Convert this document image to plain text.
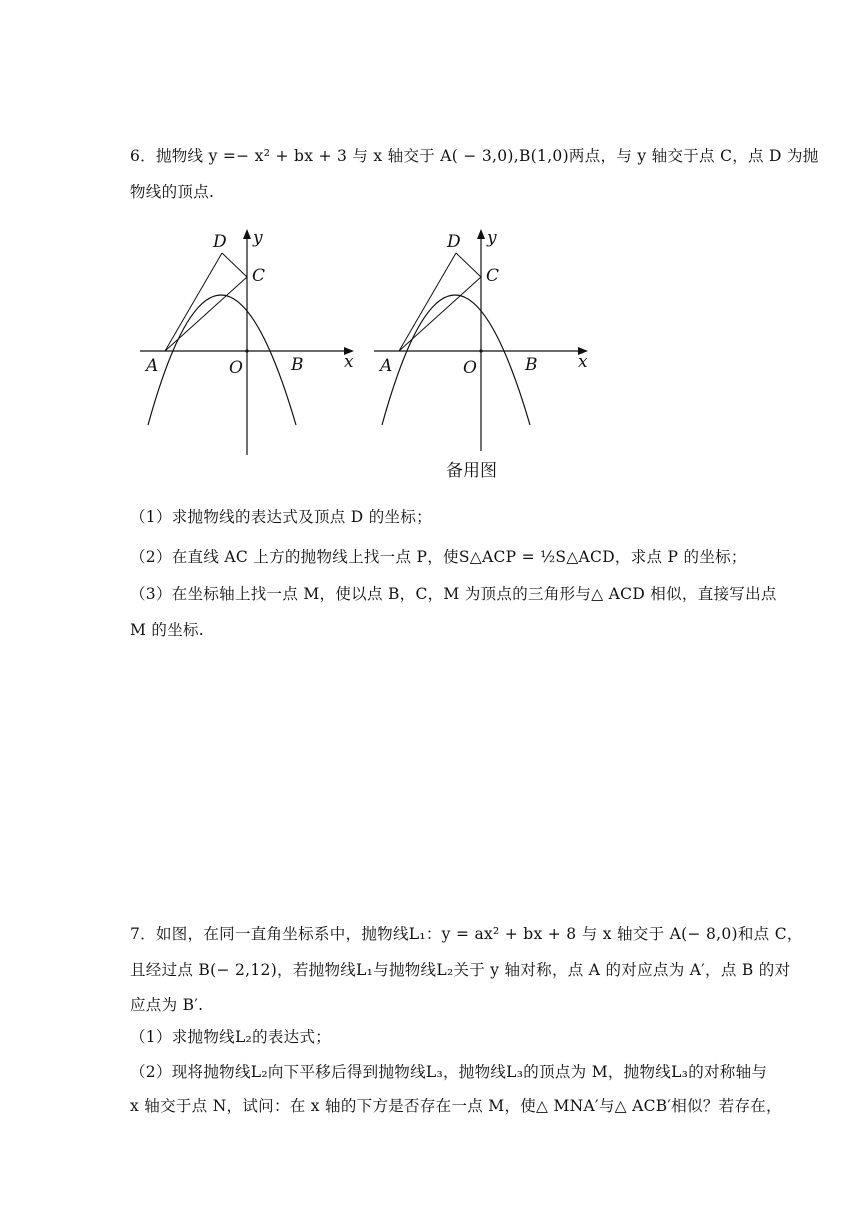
6．抛物线 y =− x² + bx + 3 与 x 轴交于 A( − 3,0),B(1,0)两点，与 y 轴交于点 C，点 D 为抛
物线的顶点.
A	O	B x
y
D
C
A	O	B x
y
D
C
备用图
（1）求抛物线的表达式及顶点 D 的坐标；
（2）在直线 AC 上方的抛物线上找一点 P，使S△ACP = ½S△ACD，求点 P 的坐标；
（3）在坐标轴上找一点 M，使以点 B，C，M 为顶点的三角形与△ ACD 相似，直接写出点
M 的坐标.
7．如图，在同一直角坐标系中，抛物线L₁：y = ax² + bx + 8 与 x 轴交于 A(− 8,0)和点 C，
且经过点 B(− 2,12)，若抛物线L₁与抛物线L₂关于 y 轴对称，点 A 的对应点为 A′，点 B 的对
应点为 B′.
（1）求抛物线L₂的表达式；
（2）现将抛物线L₂向下平移后得到抛物线L₃，抛物线L₃的顶点为 M，抛物线L₃的对称轴与
x 轴交于点 N，试问：在 x 轴的下方是否存在一点 M，使△ MNA′与△ ACB′相似？若存在，
